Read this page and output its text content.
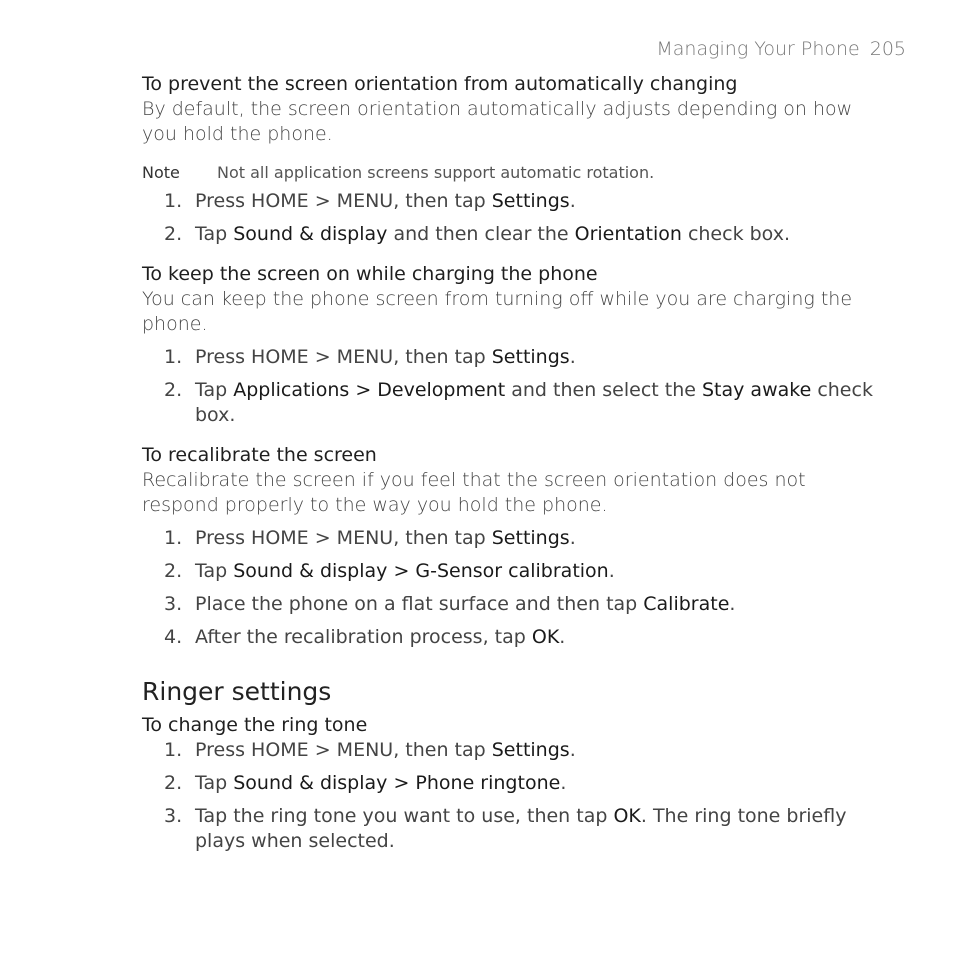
Managing Your Phone 205
To prevent the screen orientation from automatically changing
By default, the screen orientation automatically adjusts depending on how you hold the phone.
Note	Not all application screens support automatic rotation.
1. Press HOME > MENU, then tap Settings.
2. Tap Sound & display and then clear the Orientation check box.
To keep the screen on while charging the phone
You can keep the phone screen from turning off while you are charging the phone.
1. Press HOME > MENU, then tap Settings.
2. Tap Applications > Development and then select the Stay awake check box.
To recalibrate the screen
Recalibrate the screen if you feel that the screen orientation does not respond properly to the way you hold the phone.
1. Press HOME > MENU, then tap Settings.
2. Tap Sound & display > G-Sensor calibration.
3. Place the phone on a flat surface and then tap Calibrate.
4. After the recalibration process, tap OK.
Ringer settings
To change the ring tone
1. Press HOME > MENU, then tap Settings.
2. Tap Sound & display > Phone ringtone.
3. Tap the ring tone you want to use, then tap OK. The ring tone briefly plays when selected.
